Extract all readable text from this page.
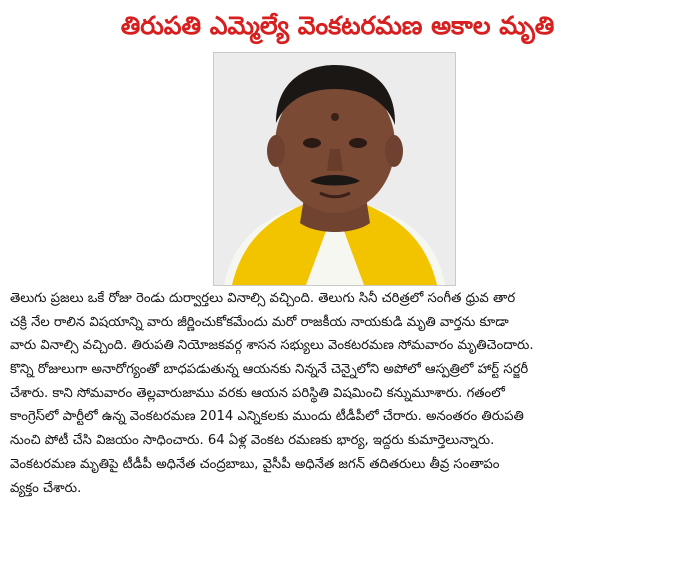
తిరుపతి ఎమ్మెల్యే వెంకటరమణ అకాల మృతి
తెలుగు ప్రజలు ఒకే రోజు రెండు దుర్వార్తలు వినాల్సి వచ్చింది. తెలుగు సినీ చరిత్రలో సంగీత ధ్రువ తార
చక్రి నేల రాలిన విషయాన్ని వారు జీర్ణించుకోకమేందు మరో రాజకీయ నాయకుడి మృతి వార్తను కూడా
వారు వినాల్సి వచ్చింది. తిరుపతి నియోజకవర్గ శాసన సభ్యులు వెంకటరమణ సోమవారం మృతిచెందారు.
కొన్ని రోజులుగా అనారోగ్యంతో బాధపడుతున్న ఆయనకు నిన్ననే చెన్నైలోని అపోలో ఆస్పత్రిలో హార్ట్ సర్జరీ
చేశారు. కాని సోమవారం తెల్లవారుజాము వరకు ఆయన పరిస్థితి విషమించి కన్నుమూశారు. గతంలో
కాంగ్రెస్‌లో పార్టీలో ఉన్న వెంకటరమణ 2014 ఎన్నికలకు ముందు టీడీపీలో చేరారు. అనంతరం తిరుపతి
నుంచి పోటీ చేసి విజయం సాధించారు. 64 ఏళ్ల వెంకట రమణకు భార్య, ఇద్దరు కుమార్తెలున్నారు.
వెంకటరమణ మృతిపై టీడీపీ అధినేత చంద్రబాబు, వైసీపీ అధినేత జగన్ తదితరులు తీవ్ర సంతాపం
వ్యక్తం చేశారు.
